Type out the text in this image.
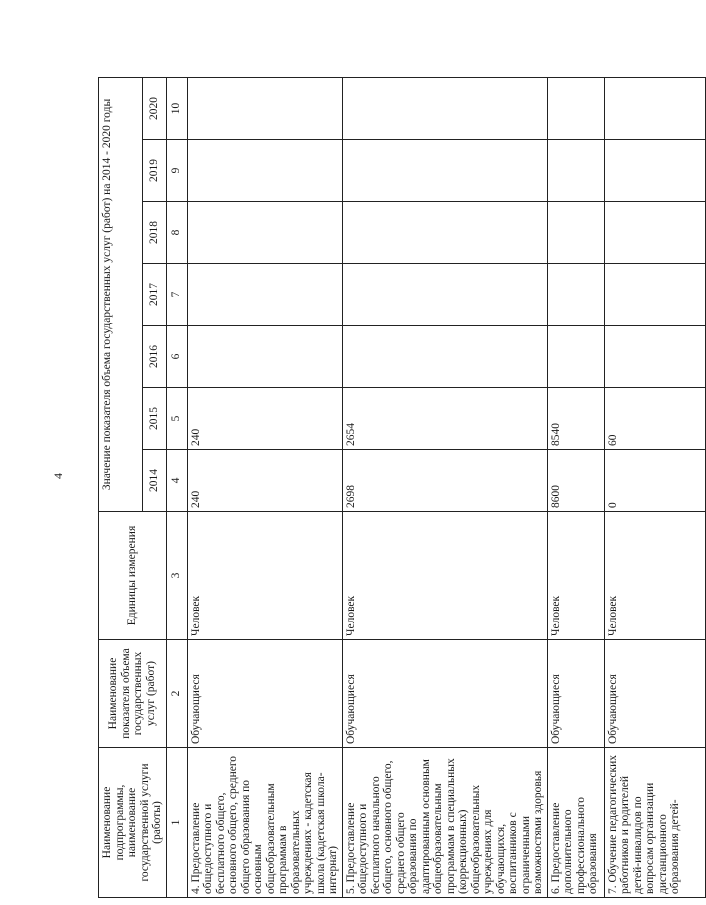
4
Наименование подпрограммы, наименование государственной услуги (работы)	Наименование показателя объема государственных услуг (работ)	Единицы измерения	Значение показателя объема государственных услуг (работ) на 2014 - 2020 годы						
			2014	2015	2016	2017	2018	2019	2020
1	2	3	4	5	6	7	8	9	10
4. Предоставление общедоступного и бесплатного общего, основного общего, среднего общего образования по основным общеобразовательным программам в образовательных учреждениях - кадетская школа (кадетская школа-интернат)	Обучающиеся	Человек	240	240					
5. Предоставление общедоступного и бесплатного начального общего, основного общего, среднего общего образования по адаптированным основным общеобразовательным программам в специальных (коррекционных) общеобразовательных учреждениях для обучающихся, воспитанников с ограниченными возможностями здоровья	Обучающиеся	Человек	2698	2654					
6. Предоставление дополнительного профессионального образования	Обучающиеся	Человек	8600	8540					
7. Обучение педагогических работников и родителей детей-инвалидов по вопросам организации дистанционного образования детей-	Обучающиеся	Человек	0	60					
